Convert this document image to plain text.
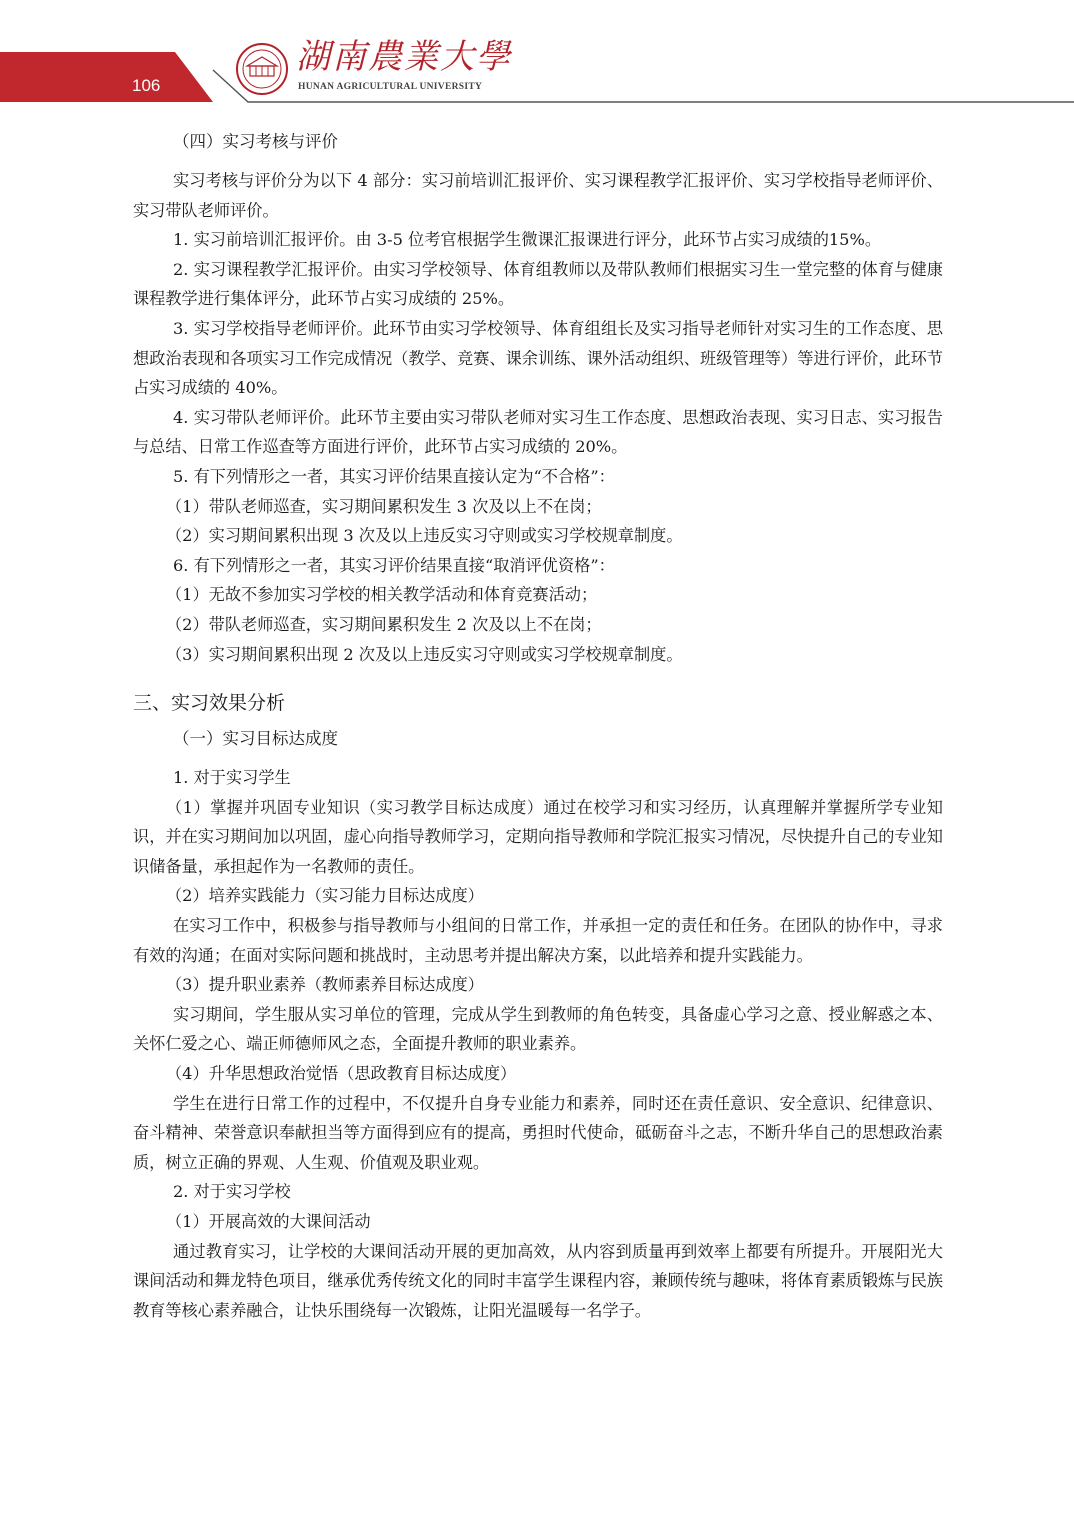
106
湖南農業大學
HUNAN AGRICULTURAL UNIVERSITY

（四）实习考核与评价

实习考核与评价分为以下 4 部分：实习前培训汇报评价、实习课程教学汇报评价、实习学校指导老师评价、实习带队老师评价。

1. 实习前培训汇报评价。由 3-5 位考官根据学生微课汇报课进行评分，此环节占实习成绩的15%。

2. 实习课程教学汇报评价。由实习学校领导、体育组教师以及带队教师们根据实习生一堂完整的体育与健康课程教学进行集体评分，此环节占实习成绩的 25%。

3. 实习学校指导老师评价。此环节由实习学校领导、体育组组长及实习指导老师针对实习生的工作态度、思想政治表现和各项实习工作完成情况（教学、竞赛、课余训练、课外活动组织、班级管理等）等进行评价，此环节占实习成绩的 40%。

4. 实习带队老师评价。此环节主要由实习带队老师对实习生工作态度、思想政治表现、实习日志、实习报告与总结、日常工作巡查等方面进行评价，此环节占实习成绩的 20%。

5. 有下列情形之一者，其实习评价结果直接认定为“不合格”：

（1）带队老师巡查，实习期间累积发生 3 次及以上不在岗；

（2）实习期间累积出现 3 次及以上违反实习守则或实习学校规章制度。

6. 有下列情形之一者，其实习评价结果直接“取消评优资格”：

（1）无故不参加实习学校的相关教学活动和体育竞赛活动；

（2）带队老师巡查，实习期间累积发生 2 次及以上不在岗；

（3）实习期间累积出现 2 次及以上违反实习守则或实习学校规章制度。

三、实习效果分析

（一）实习目标达成度

1. 对于实习学生

（1）掌握并巩固专业知识（实习教学目标达成度）通过在校学习和实习经历，认真理解并掌握所学专业知识，并在实习期间加以巩固，虚心向指导教师学习，定期向指导教师和学院汇报实习情况，尽快提升自己的专业知识储备量，承担起作为一名教师的责任。

（2）培养实践能力（实习能力目标达成度）

在实习工作中，积极参与指导教师与小组间的日常工作，并承担一定的责任和任务。在团队的协作中，寻求有效的沟通；在面对实际问题和挑战时，主动思考并提出解决方案，以此培养和提升实践能力。

（3）提升职业素养（教师素养目标达成度）

实习期间，学生服从实习单位的管理，完成从学生到教师的角色转变，具备虚心学习之意、授业解惑之本、关怀仁爱之心、端正师德师风之态，全面提升教师的职业素养。

（4）升华思想政治觉悟（思政教育目标达成度）

学生在进行日常工作的过程中，不仅提升自身专业能力和素养，同时还在责任意识、安全意识、纪律意识、奋斗精神、荣誉意识奉献担当等方面得到应有的提高，勇担时代使命，砥砺奋斗之志，不断升华自己的思想政治素质，树立正确的界观、人生观、价值观及职业观。

2. 对于实习学校

（1）开展高效的大课间活动

通过教育实习，让学校的大课间活动开展的更加高效，从内容到质量再到效率上都要有所提升。开展阳光大课间活动和舞龙特色项目，继承优秀传统文化的同时丰富学生课程内容，兼顾传统与趣味，将体育素质锻炼与民族教育等核心素养融合，让快乐围绕每一次锻炼，让阳光温暖每一名学子。
